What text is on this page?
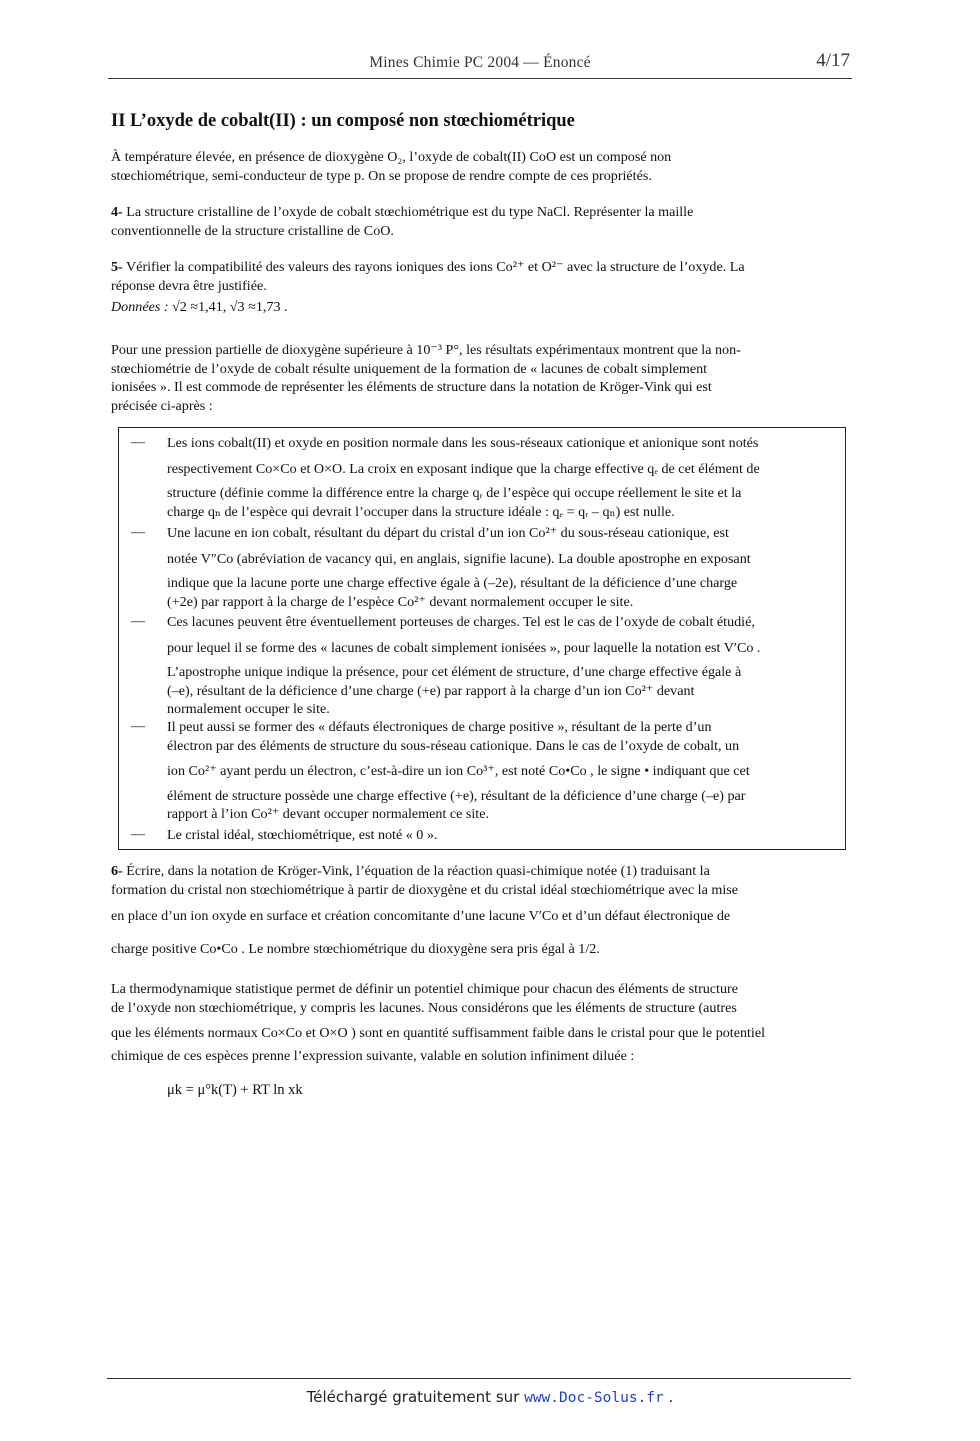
Mines Chimie PC 2004 — Énoncé	4/17
II L’oxyde de cobalt(II) : un composé non stœchiométrique
À température élevée, en présence de dioxygène O₂, l’oxyde de cobalt(II) CoO est un composé non
stœchiométrique, semi-conducteur de type p. On se propose de rendre compte de ces propriétés.
4- La structure cristalline de l’oxyde de cobalt stœchiométrique est du type NaCl. Représenter la maille
conventionnelle de la structure cristalline de CoO.
5- Vérifier la compatibilité des valeurs des rayons ioniques des ions Co²⁺ et O²⁻ avec la structure de l’oxyde. La
réponse devra être justifiée.
Données : √2 ≈1,41, √3 ≈1,73 .
Pour une pression partielle de dioxygène supérieure à 10⁻³ P°, les résultats expérimentaux montrent que la non-
stœchiométrie de l’oxyde de cobalt résulte uniquement de la formation de « lacunes de cobalt simplement
ionisées ». Il est commode de représenter les éléments de structure dans la notation de Kröger-Vink qui est
précisée ci-après :
— Les ions cobalt(II) et oxyde en position normale dans les sous-réseaux cationique et anionique sont notés
respectivement Co×Co et O×O. La croix en exposant indique que la charge effective qₑ de cet élément de
structure (définie comme la différence entre la charge qᵣ de l’espèce qui occupe réellement le site et la
charge qₙ de l’espèce qui devrait l’occuper dans la structure idéale : qₑ = qᵣ – qₙ) est nulle.
— Une lacune en ion cobalt, résultant du départ du cristal d’un ion Co²⁺ du sous-réseau cationique, est
notée V″Co (abréviation de vacancy qui, en anglais, signifie lacune). La double apostrophe en exposant
indique que la lacune porte une charge effective égale à (–2e), résultant de la déficience d’une charge
(+2e) par rapport à la charge de l’espèce Co²⁺ devant normalement occuper le site.
— Ces lacunes peuvent être éventuellement porteuses de charges. Tel est le cas de l’oxyde de cobalt étudié,
pour lequel il se forme des « lacunes de cobalt simplement ionisées », pour laquelle la notation est V′Co .
L’apostrophe unique indique la présence, pour cet élément de structure, d’une charge effective égale à
(–e), résultant de la déficience d’une charge (+e) par rapport à la charge d’un ion Co²⁺ devant
normalement occuper le site.
— Il peut aussi se former des « défauts électroniques de charge positive », résultant de la perte d’un
électron par des éléments de structure du sous-réseau cationique. Dans le cas de l’oxyde de cobalt, un
ion Co²⁺ ayant perdu un électron, c’est-à-dire un ion Co³⁺, est noté Co•Co , le signe • indiquant que cet
élément de structure possède une charge effective (+e), résultant de la déficience d’une charge (–e) par
rapport à l’ion Co²⁺ devant occuper normalement ce site.
— Le cristal idéal, stœchiométrique, est noté « 0 ».
6- Écrire, dans la notation de Kröger-Vink, l’équation de la réaction quasi-chimique notée (1) traduisant la
formation du cristal non stœchiométrique à partir de dioxygène et du cristal idéal stœchiométrique avec la mise
en place d’un ion oxyde en surface et création concomitante d’une lacune V′Co et d’un défaut électronique de
charge positive Co•Co . Le nombre stœchiométrique du dioxygène sera pris égal à 1/2.
La thermodynamique statistique permet de définir un potentiel chimique pour chacun des éléments de structure
de l’oxyde non stœchiométrique, y compris les lacunes. Nous considérons que les éléments de structure (autres
que les éléments normaux Co×Co et O×O ) sont en quantité suffisamment faible dans le cristal pour que le potentiel
chimique de ces espèces prenne l’expression suivante, valable en solution infiniment diluée :
μk = μ°k(T) + RT ln xk
Téléchargé gratuitement sur www.Doc-Solus.fr .
